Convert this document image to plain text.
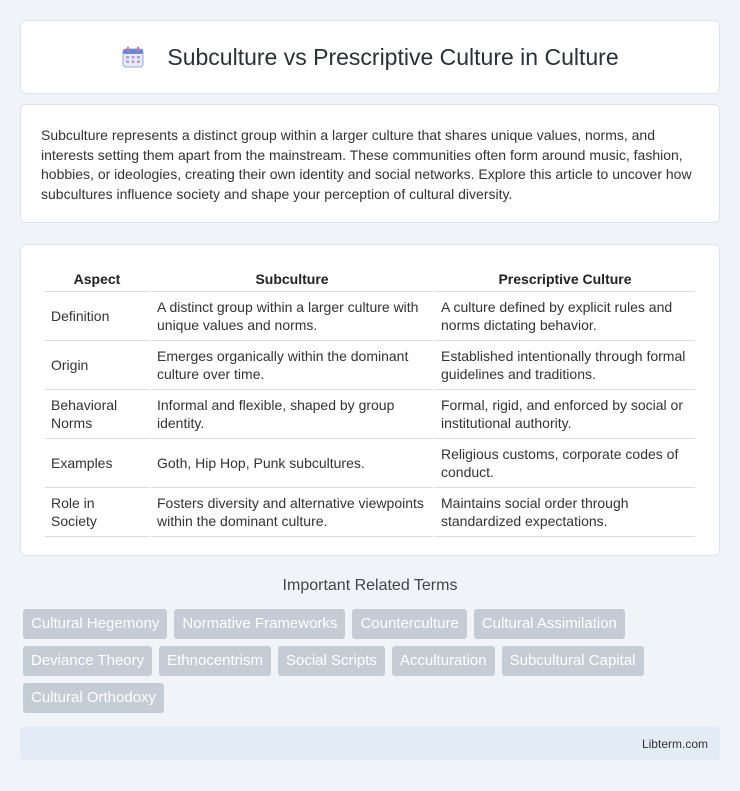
Subculture vs Prescriptive Culture in Culture

Subculture represents a distinct group within a larger culture that shares unique values, norms, and interests setting them apart from the mainstream. These communities often form around music, fashion, hobbies, or ideologies, creating their own identity and social networks. Explore this article to uncover how subcultures influence society and shape your perception of cultural diversity.

Aspect	Subculture	Prescriptive Culture
Definition	A distinct group within a larger culture with unique values and norms.	A culture defined by explicit rules and norms dictating behavior.
Origin	Emerges organically within the dominant culture over time.	Established intentionally through formal guidelines and traditions.
Behavioral Norms	Informal and flexible, shaped by group identity.	Formal, rigid, and enforced by social or institutional authority.
Examples	Goth, Hip Hop, Punk subcultures.	Religious customs, corporate codes of conduct.
Role in Society	Fosters diversity and alternative viewpoints within the dominant culture.	Maintains social order through standardized expectations.
Important Related Terms
Cultural Hegemony	Normative Frameworks	Counterculture	Cultural Assimilation
Deviance Theory	Ethnocentrism	Social Scripts	Acculturation	Subcultural Capital
Cultural Orthodoxy
Libterm.com
